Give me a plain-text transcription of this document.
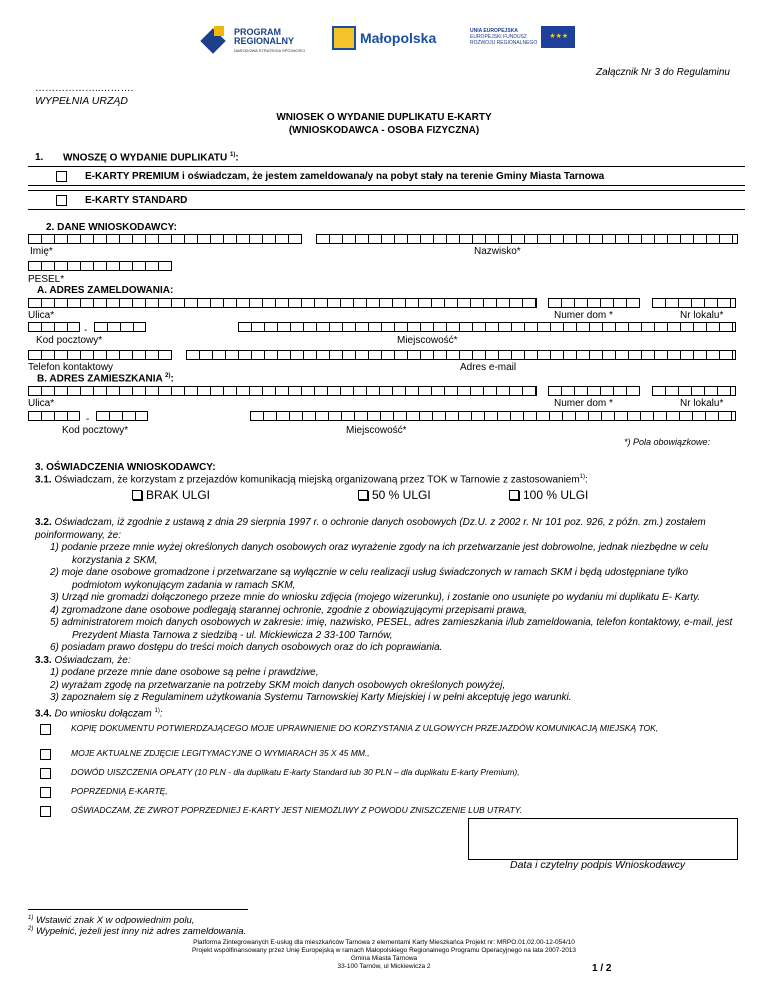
PROGRAM
REGIONALNY
NARODOWA STRATEGIA SPÓJNOŚCI
Małopolska	UNIA EUROPEJSKA
EUROPEJSKI FUNDUSZ
ROZWOJU REGIONALNEGO
★ ★ ★
Załącznik Nr 3 do Regulaminu
………………..……….
WYPEŁNIA URZĄD
WNIOSEK O WYDANIE DUPLIKATU E-KARTY
(WNIOSKODAWCA - OSOBA FIZYCZNA)
1. WNOSZĘ O WYDANIE DUPLIKATU $^{1)}$:
E-KARTY PREMIUM i oświadczam, że jestem zameldowana/y na pobyt stały na terenie Gminy Miasta Tarnowa
E-KARTY STANDARD
2. DANE WNIOSKODAWCY:
Imię*	Nazwisko*
PESEL*
A. ADRES ZAMELDOWANIA:
Ulica*	Numer dom *	Nr lokalu*
-
Kod pocztowy*	Miejscowość*
Telefon kontaktowy	Adres e-mail
B. ADRES ZAMIESZKANIA $^{2)}$:
Ulica*	Numer dom *	Nr lokalu*
-
Kod pocztowy*	Miejscowość*
*) Pola obowiązkowe:
3. OŚWIADCZENIA WNIOSKODAWCY:
3.1. Oświadczam, że korzystam z przejazdów komunikacją miejską organizowaną przez TOK w Tarnowie z zastosowaniem$^{1)}$:
BRAK ULGI	50 % ULGI	100 % ULGI
3.2. Oświadczam, iż zgodnie z ustawą z dnia 29 sierpnia 1997 r. o ochronie danych osobowych (Dz.U. z 2002 r. Nr 101 poz. 926, z późn. zm.) zostałem poinformowany, że:
1) podanie przeze mnie wyżej określonych danych osobowych oraz wyrażenie zgody na ich przetwarzanie jest dobrowolne, jednak niezbędne w celu korzystania z SKM,
2) moje dane osobowe gromadzone i przetwarzane są wyłącznie w celu realizacji usług świadczonych w ramach SKM i będą udostępniane tylko podmiotom wykonującym zadania w ramach SKM,
3) Urząd nie gromadzi dołączonego przeze mnie do wniosku zdjęcia (mojego wizerunku), i zostanie ono usunięte po wydaniu mi duplikatu E- Karty.
4) zgromadzone dane osobowe podlegają starannej ochronie, zgodnie z obowiązującymi przepisami prawa,
5) administratorem moich danych osobowych w zakresie: imię, nazwisko, PESEL, adres zamieszkania i/lub zameldowania, telefon kontaktowy, e-mail, jest Prezydent Miasta Tarnowa z siedzibą - ul. Mickiewicza 2 33-100 Tarnów,
6) posiadam prawo dostępu do treści moich danych osobowych oraz do ich poprawiania.
3.3. Oświadczam, że:
1) podane przeze mnie dane osobowe są pełne i prawdziwe,
2) wyrażam zgodę na przetwarzanie na potrzeby SKM moich danych osobowych określonych powyżej,
3) zapoznałem się z Regulaminem użytkowania Systemu Tarnowskiej Karty Miejskiej i w pełni akceptuję jego warunki.
3.4. Do wniosku dołączam $^{1)}$:
KOPIĘ DOKUMENTU POTWIERDZAJĄCEGO MOJE UPRAWNIENIE DO KORZYSTANIA Z ULGOWYCH PRZEJAZDÓW KOMUNIKACJĄ MIEJSKĄ TOK,
MOJE AKTUALNE ZDJĘCIE LEGITYMACYJNE O WYMIARACH 35 X 45 MM.,
DOWÓD UISZCZENIA OPŁATY (10 PLN - dla duplikatu E-karty Standard lub 30 PLN – dla duplikatu E-karty Premium),
POPRZEDNIĄ E-KARTĘ,
OŚWIADCZAM, ŻE ZWROT POPRZEDNIEJ E-KARTY JEST NIEMOŻLIWY Z POWODU ZNISZCZENIE LUB UTRATY.
Data i czytelny podpis Wnioskodawcy
$^{1)}$ Wstawić znak X w odpowiednim polu,
$^{2)}$ Wypełnić, jeżeli jest inny niż adres zameldowania.
Platforma Zintegrowanych E-usług dla mieszkańców Tarnowa z elementami Karty Mieszkańca Projekt nr: MRPO.01.02.00-12-054/10
Projekt współfinansowany przez Unię Europejską w ramach Małopolskiego Regionalnego Programu Operacyjnego na lata 2007-2013
Gmina Miasta Tarnowa
33-100 Tarnów, ul Mickiewicza 2	1 / 2
